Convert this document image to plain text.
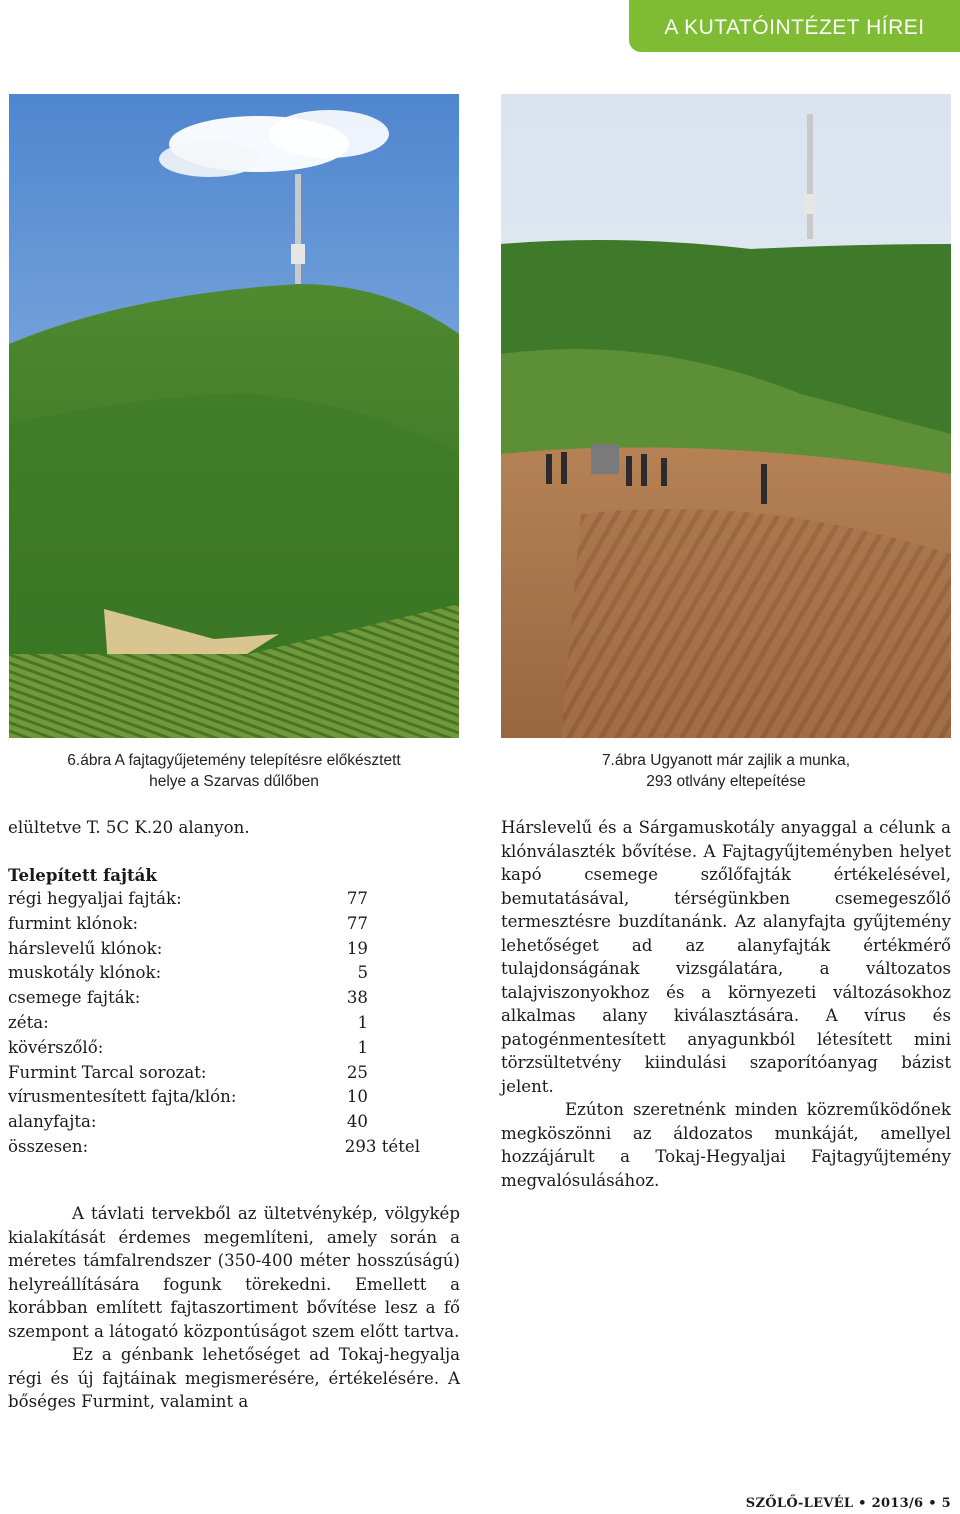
A KUTATÓINTÉZET HÍREI
6.ábra A fajtagyűjetemény telepítésre előkésztett
helye a Szarvas dűlőben
7.ábra Ugyanott már zajlik a munka,
293 otlvány eltepeítése

elültetve T. 5C K.20 alanyon.

Telepített fajták

régi hegyaljai fajták:	77
furmint klónok:	77
hárslevelű klónok:	19
muskotály klónok:	5
csemege fajták:	38
zéta:	1
kövérszőlő:	1
Furmint Tarcal sorozat:	25
vírusmentesített fajta/klón:	10
alanyfajta:	40
összesen:	293 tétel

A távlati tervekből az ültetvénykép, völgykép kialakítását érdemes megemlíteni, amely során a méretes támfalrendszer (350-400 méter hosszúságú) helyreállítására fogunk törekedni. Emellett a korábban említett fajtaszortiment bővítése lesz a fő szempont a látogató központúságot szem előtt tartva.

Ez a génbank lehetőséget ad Tokaj-hegyalja régi és új fajtáinak megismerésére, értékelésére. A bőséges Furmint, valamint a

Hárslevelű és a Sárgamuskotály anyaggal a célunk a klónválaszték bővítése. A Fajtagyűjteményben helyet kapó csemege szőlőfajták értékelésével, bemutatásával, térségünkben csemegeszőlő termesztésre buzdítanánk. Az alanyfajta gyűjtemény lehetőséget ad az alanyfajták értékmérő tulajdonságának vizsgálatára, a változatos talajviszonyokhoz és a környezeti változásokhoz alkalmas alany kiválasztására. A vírus és patogénmentesített anyagunkból létesített mini törzsültetvény kiindulási szaporítóanyag bázist jelent.

Ezúton szeretnénk minden közreműködőnek megköszönni az áldozatos munkáját, amellyel hozzájárult a Tokaj-Hegyaljai Fajtagyűjtemény megvalósulásához.

SZŐLŐ-LEVÉL • 2013/6 • 5
